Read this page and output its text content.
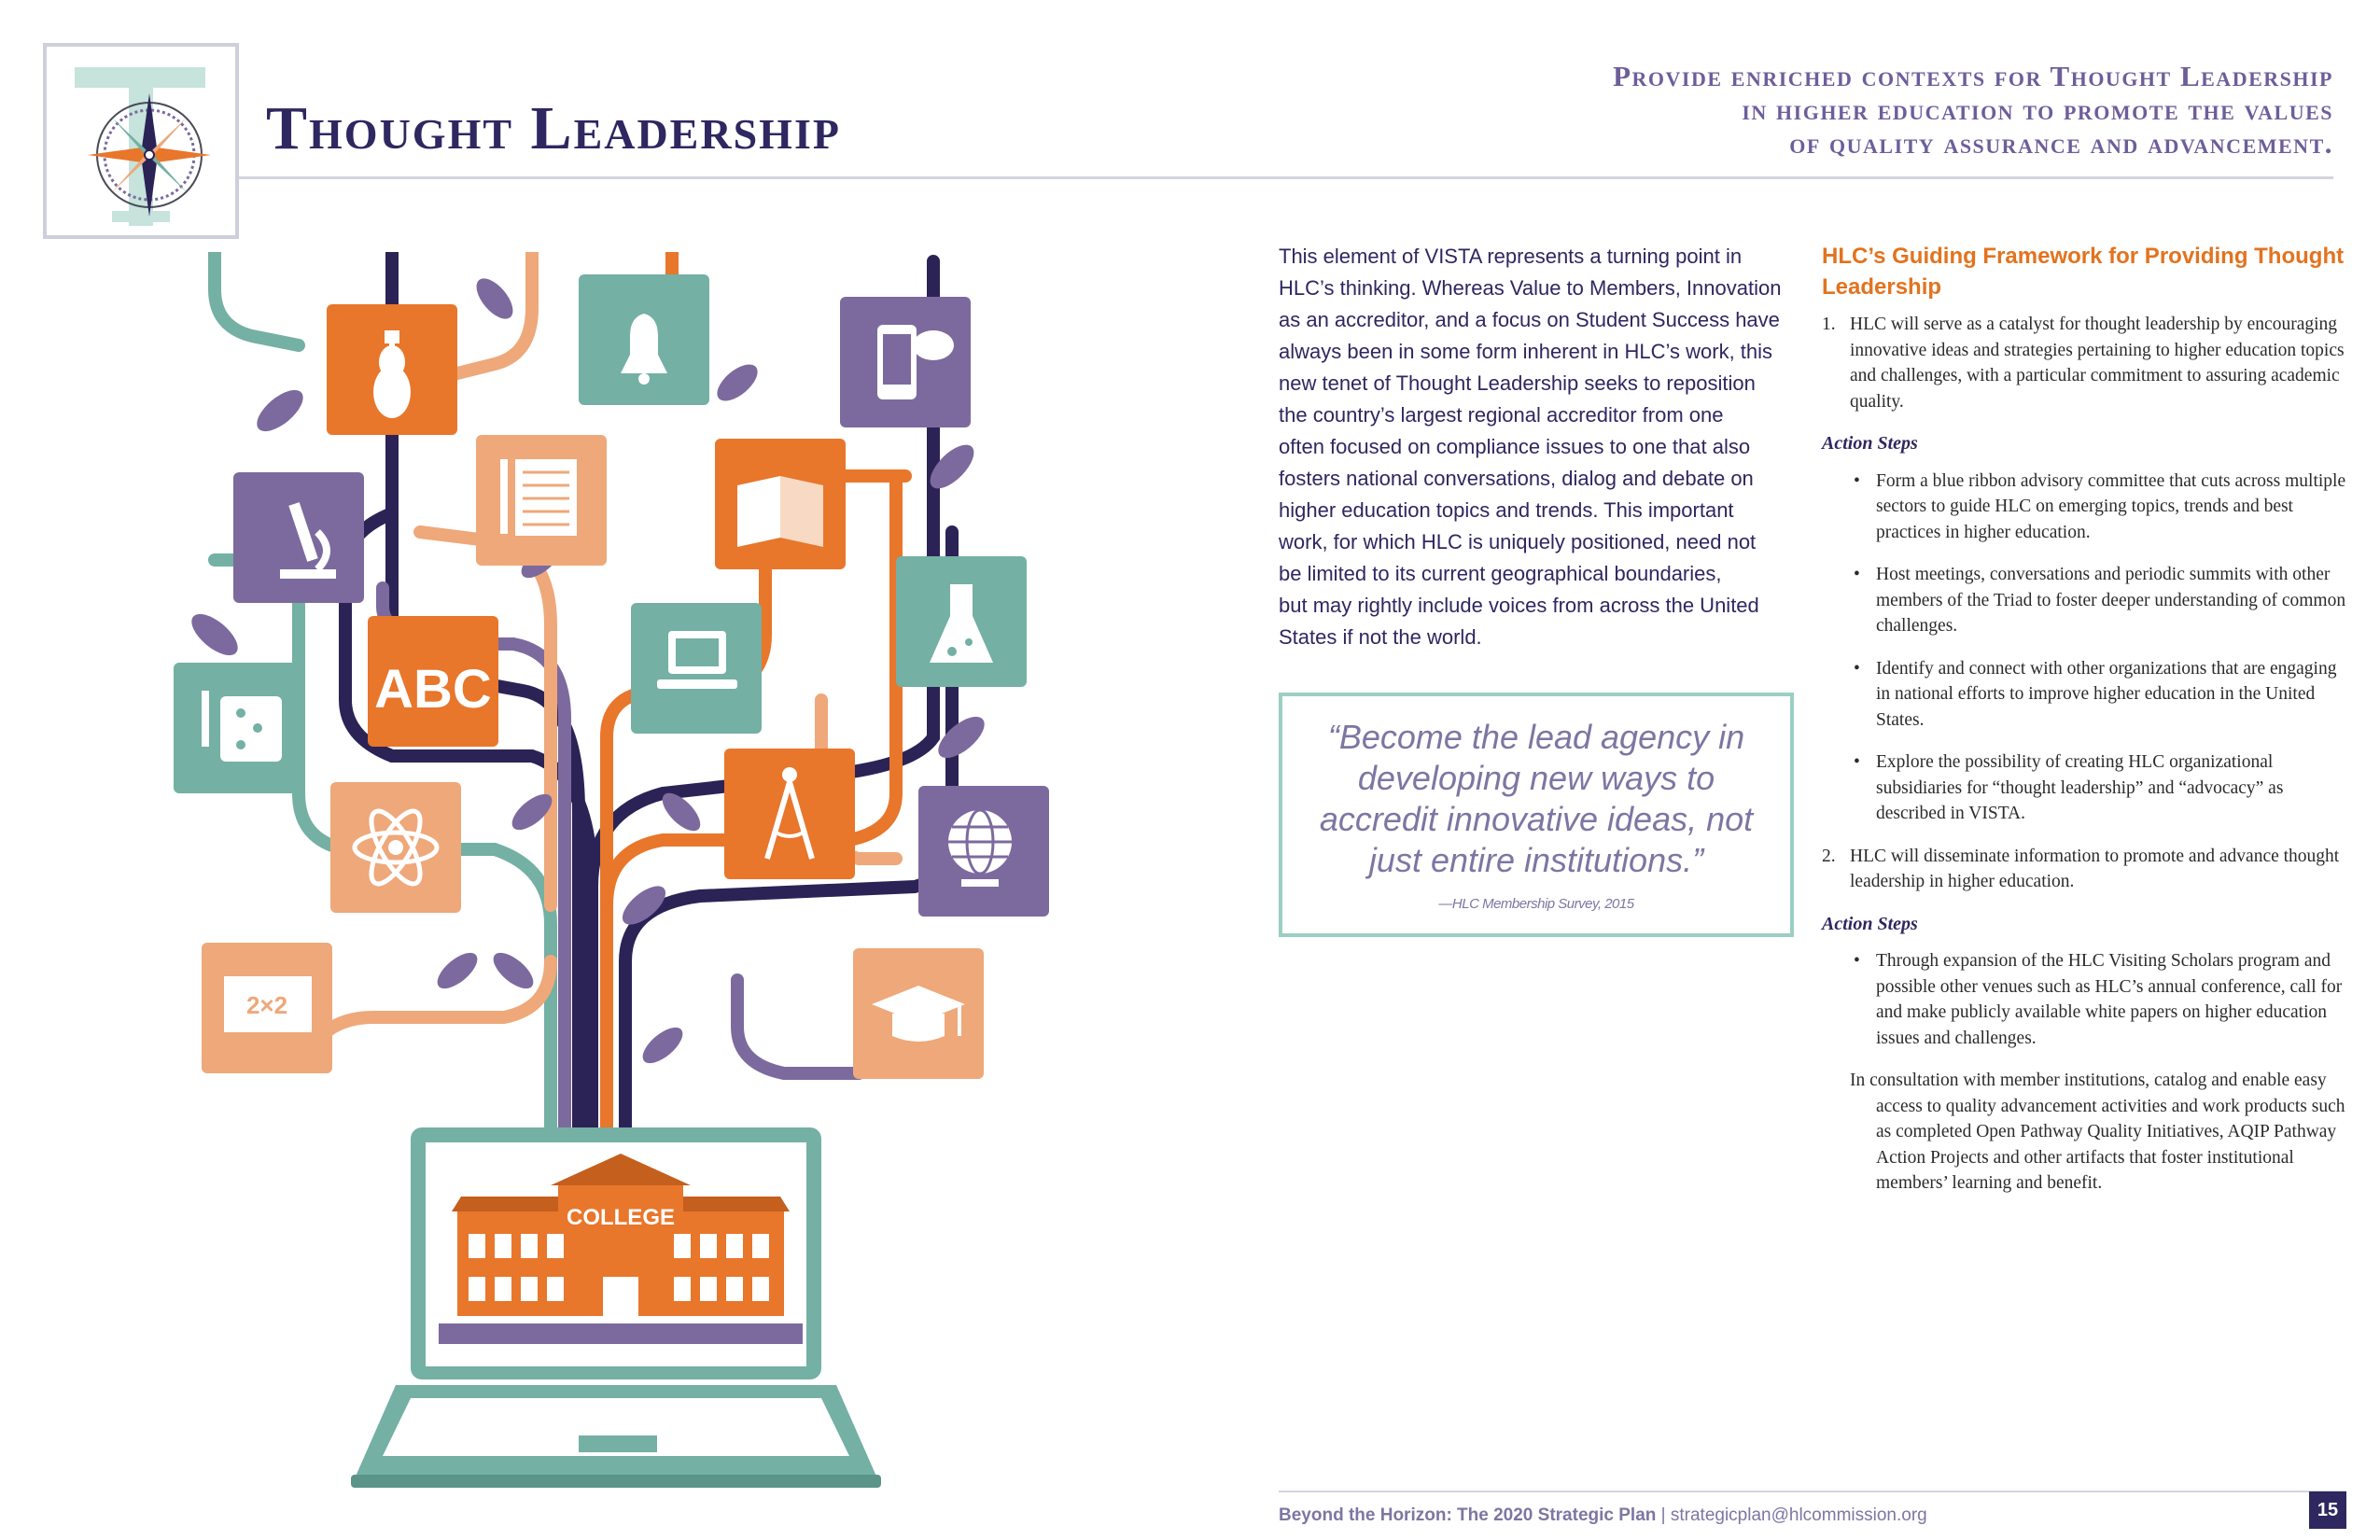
Thought Leadership
Provide enriched contexts for Thought Leadership
in higher education to promote the values
of quality assurance and advancement.
ABC
2×2
COLLEGE
This element of VISTA represents a turning point in
HLC’s thinking. Whereas Value to Members, Innovation
as an accreditor, and a focus on Student Success have
always been in some form inherent in HLC’s work, this
new tenet of Thought Leadership seeks to reposition
the country’s largest regional accreditor from one
often focused on compliance issues to one that also
fosters national conversations, dialog and debate on
higher education topics and trends. This important
work, for which HLC is uniquely positioned, need not
be limited to its current geographical boundaries,
but may rightly include voices from across the United
States if not the world.
“Become the lead agency in
developing new ways to
accredit innovative ideas, not
just entire institutions.”
—HLC Membership Survey, 2015
HLC’s Guiding Framework for Providing Thought Leadership
1. HLC will serve as a catalyst for thought leadership by encouraging innovative ideas and strategies pertaining to higher education topics and challenges, with a particular commitment to assuring academic quality.
Action Steps
• Form a blue ribbon advisory committee that cuts across multiple sectors to guide HLC on emerging topics, trends and best practices in higher education.
• Host meetings, conversations and periodic summits with other members of the Triad to foster deeper understanding of common challenges.
• Identify and connect with other organizations that are engaging in national efforts to improve higher education in the United States.
• Explore the possibility of creating HLC organizational subsidiaries for “thought leadership” and “advocacy” as described in VISTA.
2. HLC will disseminate information to promote and advance thought leadership in higher education.
Action Steps
• Through expansion of the HLC Visiting Scholars program and possible other venues such as HLC’s annual conference, call for and make publicly available white papers on higher education issues and challenges.
In consultation with member institutions, catalog and enable easy access to quality advancement activities and work products such as completed Open Pathway Quality Initiatives, AQIP Pathway Action Projects and other artifacts that foster institutional members’ learning and benefit.
Beyond the Horizon: The 2020 Strategic Plan | strategicplan@hlcommission.org	15
